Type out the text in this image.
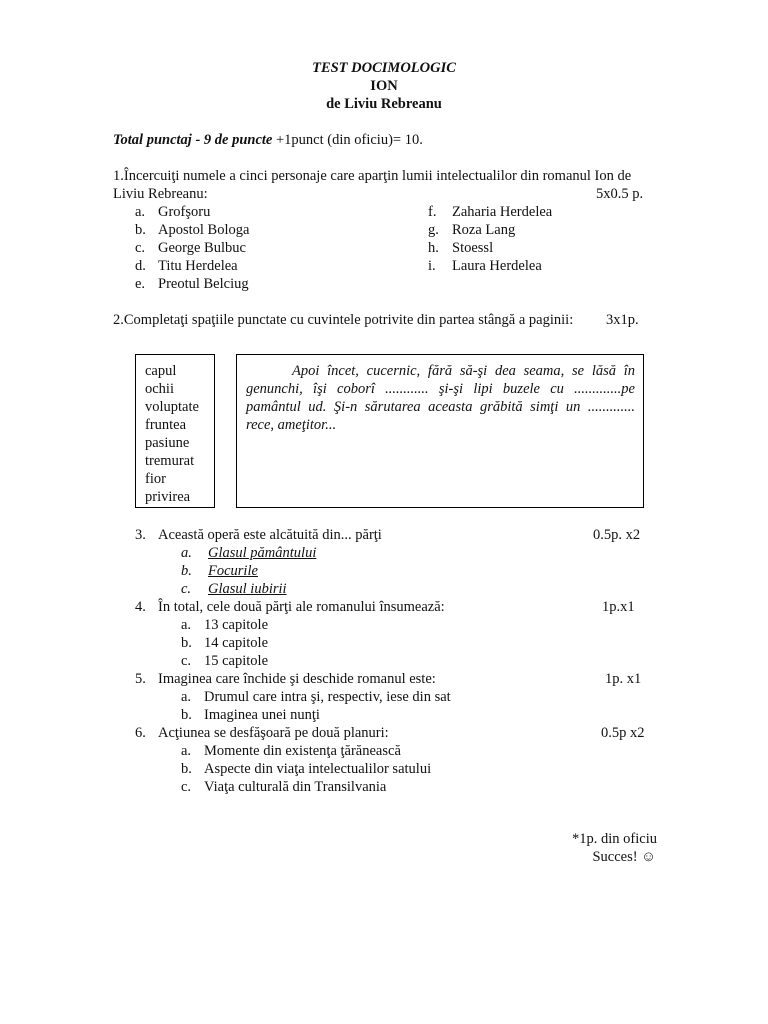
TEST DOCIMOLOGIC
ION
de Liviu Rebreanu
Total punctaj - 9 de puncte +1punct (din oficiu)= 10.
1.Încercuiţi numele a cinci personaje care aparţin lumii intelectualilor din romanul Ion de
Liviu Rebreanu:	5x0.5 p.
a. Grofşoru
b. Apostol Bologa
c. George Bulbuc
d. Titu Herdelea
e. Preotul Belciug
f. Zaharia Herdelea
g. Roza Lang
h. Stoessl
i. Laura Herdelea
2.Completaţi spaţiile punctate cu cuvintele potrivite din partea stângă a paginii: 3x1p.
capul
ochii
voluptate
fruntea
pasiune
tremurat
fior
privirea
Apoi încet, cucernic, fără să-şi dea seama, se lăsă în
genunchi, îşi coborî ............ şi-şi lipi buzele cu .............pe
pamântul ud. Şi-n sărutarea aceasta grăbită simţi un .............
rece, ameţitor...
3. Această operă este alcătuită din... părţi	0.5p. x2
a. Glasul pământului
b. Focurile
c. Glasul iubirii
4. În total, cele două părţi ale romanului însumează:	1p.x1
a. 13 capitole
b. 14 capitole
c. 15 capitole
5. Imaginea care închide şi deschide romanul este:	1p. x1
a. Drumul care intra şi, respectiv, iese din sat
b. Imaginea unei nunţi
6. Acţiunea se desfăşoară pe două planuri:	0.5p x2
a. Momente din existenţa ţărănească
b. Aspecte din viaţa intelectualilor satului
c. Viaţa culturală din Transilvania
*1p. din oficiu
Succes! ☺
